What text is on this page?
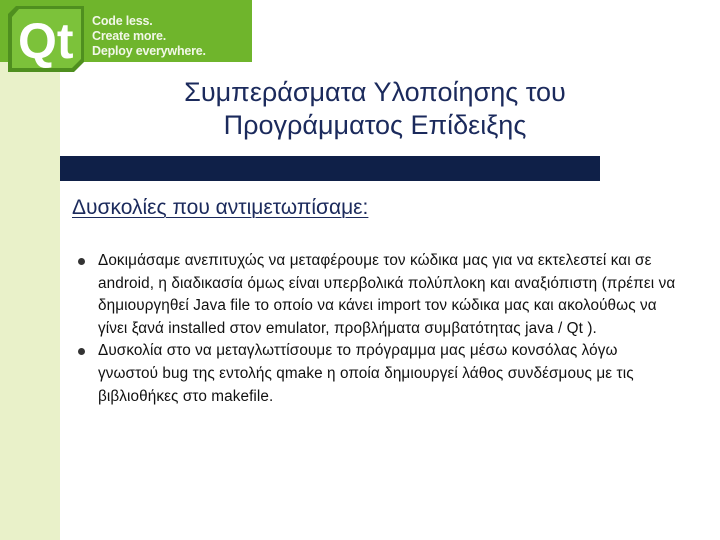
Qt Code less.
Create more.
Deploy everywhere.
Συμπεράσματα Υλοποίησης του
Προγράμματος Επίδειξης
Δυσκολίες που αντιμετωπίσαμε:
Δοκιμάσαμε ανεπιτυχώς να μεταφέρουμε τον κώδικα μας για να εκτελεστεί και σε android, η διαδικασία όμως είναι υπερβολικά πολύπλοκη και αναξιόπιστη (πρέπει να δημιουργηθεί Java file το οποίο να κάνει import τον κώδικα μας και ακολούθως να γίνει ξανά installed στον emulator, προβλήματα συμβατότητας java / Qt ).
Δυσκολία στο να μεταγλωττίσουμε το πρόγραμμα μας μέσω κονσόλας λόγω γνωστού bug της εντολής qmake η οποία δημιουργεί λάθος συνδέσμους με τις βιβλιοθήκες στο makefile.
